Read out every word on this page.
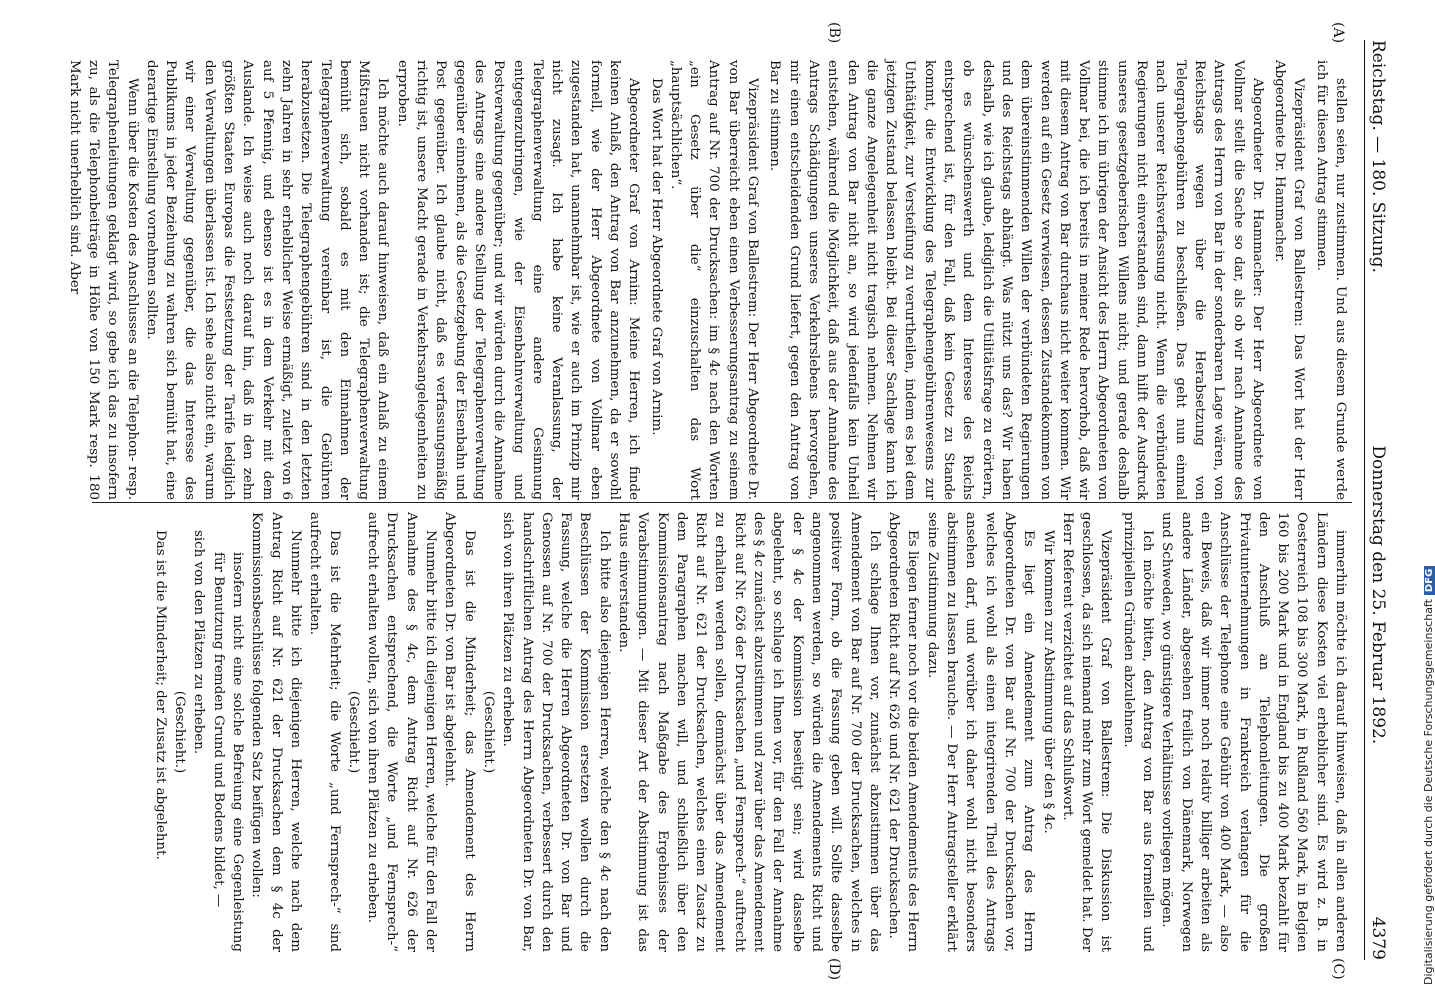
Reichstag. — 180. Sitzung.
Donnerstag den 25. Februar 1892.
4379
(A)
(B)
(C)
(D)

stellen seien, nur zustimmen. Und aus diesem Grunde werde ich für diesen Antrag stimmen.

Vizepräsident Graf von Ballestrem: Das Wort hat der Herr Abgeordnete Dr. Hammacher.

Abgeordneter Dr. Hammacher: Der Herr Abgeordnete von Vollmar stellt die Sache so dar, als ob wir nach Annahme des Antrags des Herrn von Bar in der sonderbaren Lage wären, von Reichstags wegen über die Herabsetzung von Telegraphengebühren zu beschließen. Das geht nun einmal nach unserer Reichsverfassung nicht. Wenn die verbündeten Regierungen nicht einverstanden sind, dann hilft der Ausdruck unseres gesetzgeberischen Willens nicht; und gerade deshalb stimme ich im übrigen der Ansicht des Herrn Abgeordneten von Vollmar bei, die ich bereits in meiner Rede hervorhob, daß wir mit diesem Antrag von Bar durchaus nicht weiter kommen. Wir werden auf ein Gesetz verwiesen, dessen Zustandekommen von dem übereinstimmenden Willen der verbündeten Regierungen und des Reichstags abhängt. Was nützt uns das? Wir haben deshalb, wie ich glaube, lediglich die Utilitätsfrage zu erörtern, ob es wünschenswerth und dem Interesse des Reichs entsprechend ist, für den Fall, daß kein Gesetz zu Stande kommt, die Entwicklung des Telegraphengebührenwesens zur Unthätigkeit, zur Versteifung zu verurtheilen, indem es bei dem jetzigen Zustand belassen bleibt. Bei dieser Sachlage kann ich die ganze Angelegenheit nicht tragisch nehmen. Nehmen wir den Antrag von Bar nicht an, so wird jedenfalls kein Unheil entstehen, während die Möglichkeit, daß aus der Annahme des Antrags Schädigungen unseres Verkehrslebens hervorgehen, mir einen entscheidenden Grund liefert, gegen den Antrag von Bar zu stimmen.

Vizepräsident Graf von Ballestrem: Der Herr Abgeordnete Dr. von Bar überreicht eben einen Verbesserungsantrag zu seinem Antrag auf Nr. 700 der Drucksachen: im § 4c nach den Worten „ein Gesetz über die“ einzuschalten das Wort „hauptsächlichen“.

Das Wort hat der Herr Abgeordnete Graf von Arnim.

Abgeordneter Graf von Arnim: Meine Herren, ich finde keinen Anlaß, den Antrag von Bar anzunehmen, da er sowohl formell, wie der Herr Abgeordnete von Vollmar eben zugestanden hat, unannehmbar ist, wie er auch im Prinzip mir nicht zusagt. Ich habe keine Veranlassung, der Telegraphenverwaltung eine andere Gesinnung entgegenzubringen, wie der Eisenbahnverwaltung und Postverwaltung gegenüber; und wir würden durch die Annahme des Antrags eine andere Stellung der Telegraphenverwaltung gegenüber einnehmen, als die Gesetzgebung der Eisenbahn und Post gegenüber. Ich glaube nicht, daß es verfassungsmäßig richtig ist, unsere Macht gerade in Verkehrsangelegenheiten zu erproben.

Ich möchte auch darauf hinweisen, daß ein Anlaß zu einem Mißtrauen nicht vorhanden ist; die Telegraphenverwaltung bemüht sich, sobald es mit den Einnahmen der Telegraphenverwaltung vereinbar ist, die Gebühren herabzusetzen. Die Telegraphengebühren sind in den letzten zehn Jahren in sehr erheblicher Weise ermäßigt, zuletzt von 6 auf 5 Pfennig, und ebenso ist es in dem Verkehr mit dem Auslande. Ich weise auch noch darauf hin, daß in den zehn größten Staaten Europas die Festsetzung der Tarife lediglich den Verwaltungen überlassen ist. Ich sehe also nicht ein, warum wir einer Verwaltung gegenüber, die das Interesse des Publikums in jeder Beziehung zu wahren sich bemüht hat, eine derartige Einstellung vornehmen sollten.

Wenn über die Kosten des Anschlusses an die Telephon- resp. Telegraphenleitungen geklagt wird, so gebe ich das zu insofern zu, als die Telephonbeiträge in Höhe von 150 Mark resp. 180 Mark nicht unerheblich sind. Aber

immerhin möchte ich darauf hinweisen, daß in allen anderen Ländern diese Kosten viel erheblicher sind. Es wird z. B. in Oesterreich 108 bis 300 Mark, in Rußland 560 Mark, in Belgien 160 bis 200 Mark und in England bis zu 400 Mark bezahlt für den Anschluß an Telephonleitungen. Die großen Privatunternehmungen in Frankreich verlangen für die Anschlüsse der Telephone eine Gebühr von 400 Mark, — also ein Beweis, daß wir immer noch relativ billiger arbeiten als andere Länder, abgesehen freilich von Dänemark, Norwegen und Schweden, wo günstigere Verhältnisse vorliegen mögen.

Ich möchte bitten, den Antrag von Bar aus formellen und prinzipiellen Gründen abzulehnen.

Vizepräsident Graf von Ballestrem: Die Diskussion ist geschlossen, da sich niemand mehr zum Wort gemeldet hat. Der Herr Referent verzichtet auf das Schlußwort.

Wir kommen zur Abstimmung über den § 4c.

Es liegt ein Amendement zum Antrag des Herrn Abgeordneten Dr. von Bar auf Nr. 700 der Drucksachen vor, welches ich wohl als einen integrirenden Theil des Antrags ansehen darf, und worüber ich daher wohl nicht besonders abstimmen zu lassen brauche. — Der Herr Antragsteller erklärt seine Zustimmung dazu.

Es liegen ferner noch vor die beiden Amendements des Herrn Abgeordneten Richt auf Nr. 626 und Nr. 621 der Drucksachen.

Ich schlage Ihnen vor, zunächst abzustimmen über das Amendement von Bar auf Nr. 700 der Drucksachen, welches in positiver Form, ob die Fassung geben will. Sollte dasselbe angenommen werden, so würden die Amendements Richt und der § 4c der Kommission beseitigt sein; wird dasselbe abgelehnt, so schlage ich Ihnen vor, für den Fall der Annahme des § 4c zunächst abzustimmen und zwar über das Amendement Richt auf Nr. 626 der Drucksachen „und Fernsprech-“ auftrecht zu erhalten werden sollen, demnächst über das Amendement Richt auf Nr. 621 der Drucksachen, welches einen Zusatz zu dem Paragraphen machen will, und schließlich über den Kommissionsantrag nach Maßgabe des Ergebnisses der Vorabstimmungen. — Mit dieser Art der Abstimmung ist das Haus einverstanden.

Ich bitte also diejenigen Herren, welche den § 4c nach den Beschlüssen der Kommission ersetzen wollen durch die Fassung, welche die Herren Abgeordneten Dr. von Bar und Genossen auf Nr. 700 der Drucksachen, verbessert durch den handschriftlichen Antrag des Herrn Abgeordneten Dr. von Bar, sich von ihren Plätzen zu erheben.

(Geschieht.)

Das ist die Minderheit; das Amendement des Herrn Abgeordneten Dr. von Bar ist abgelehnt.

Nunmehr bitte ich diejenigen Herren, welche für den Fall der Annahme des § 4c, dem Antrag Richt auf Nr. 626 der Drucksachen entsprechend, die Worte „und Fernsprech-“ aufrecht erhalten wollen, sich von ihren Plätzen zu erheben.

(Geschieht.)

Das ist die Mehrheit; die Worte „und Fernsprech-“ sind aufrecht erhalten.

Nunmehr bitte ich diejenigen Herren, welche nach dem Antrag Richt auf Nr. 621 der Drucksachen dem § 4c der Kommissionsbeschlüsse folgenden Satz beifügen wollen:

insofern nicht eine solche Befreiung eine Gegenleistung für Benutzung fremden Grund und Bodens bildet, —

sich von den Plätzen zu erheben.

(Geschieht.)

Das ist die Minderheit; der Zusatz ist abgelehnt.	Digitalisierung gefördert durch die Deutsche ForschungsgemeinschaftDFG
